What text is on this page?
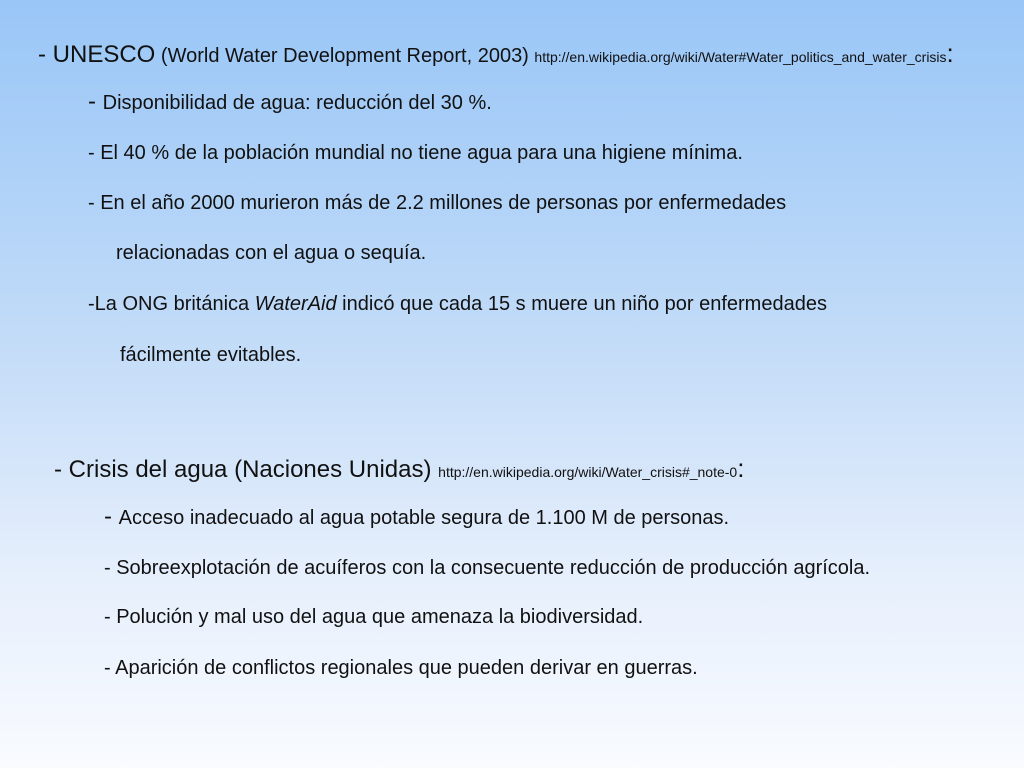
- UNESCO (World Water Development Report, 2003) http://en.wikipedia.org/wiki/Water#Water_politics_and_water_crisis:
- Disponibilidad de agua: reducción del 30 %.
- El 40 % de la población mundial no tiene agua para una higiene mínima.
- En el año 2000 murieron más de 2.2 millones de personas por enfermedades
relacionadas con el agua o sequía.
-La ONG británica WaterAid indicó que cada 15 s muere un niño por enfermedades
fácilmente evitables.
- Crisis del agua (Naciones Unidas) http://en.wikipedia.org/wiki/Water_crisis#_note-0:
- Acceso inadecuado al agua potable segura de 1.100 M de personas.
- Sobreexplotación de acuíferos con la consecuente reducción de producción agrícola.
- Polución y mal uso del agua que amenaza la biodiversidad.
- Aparición de conflictos regionales que pueden derivar en guerras.
